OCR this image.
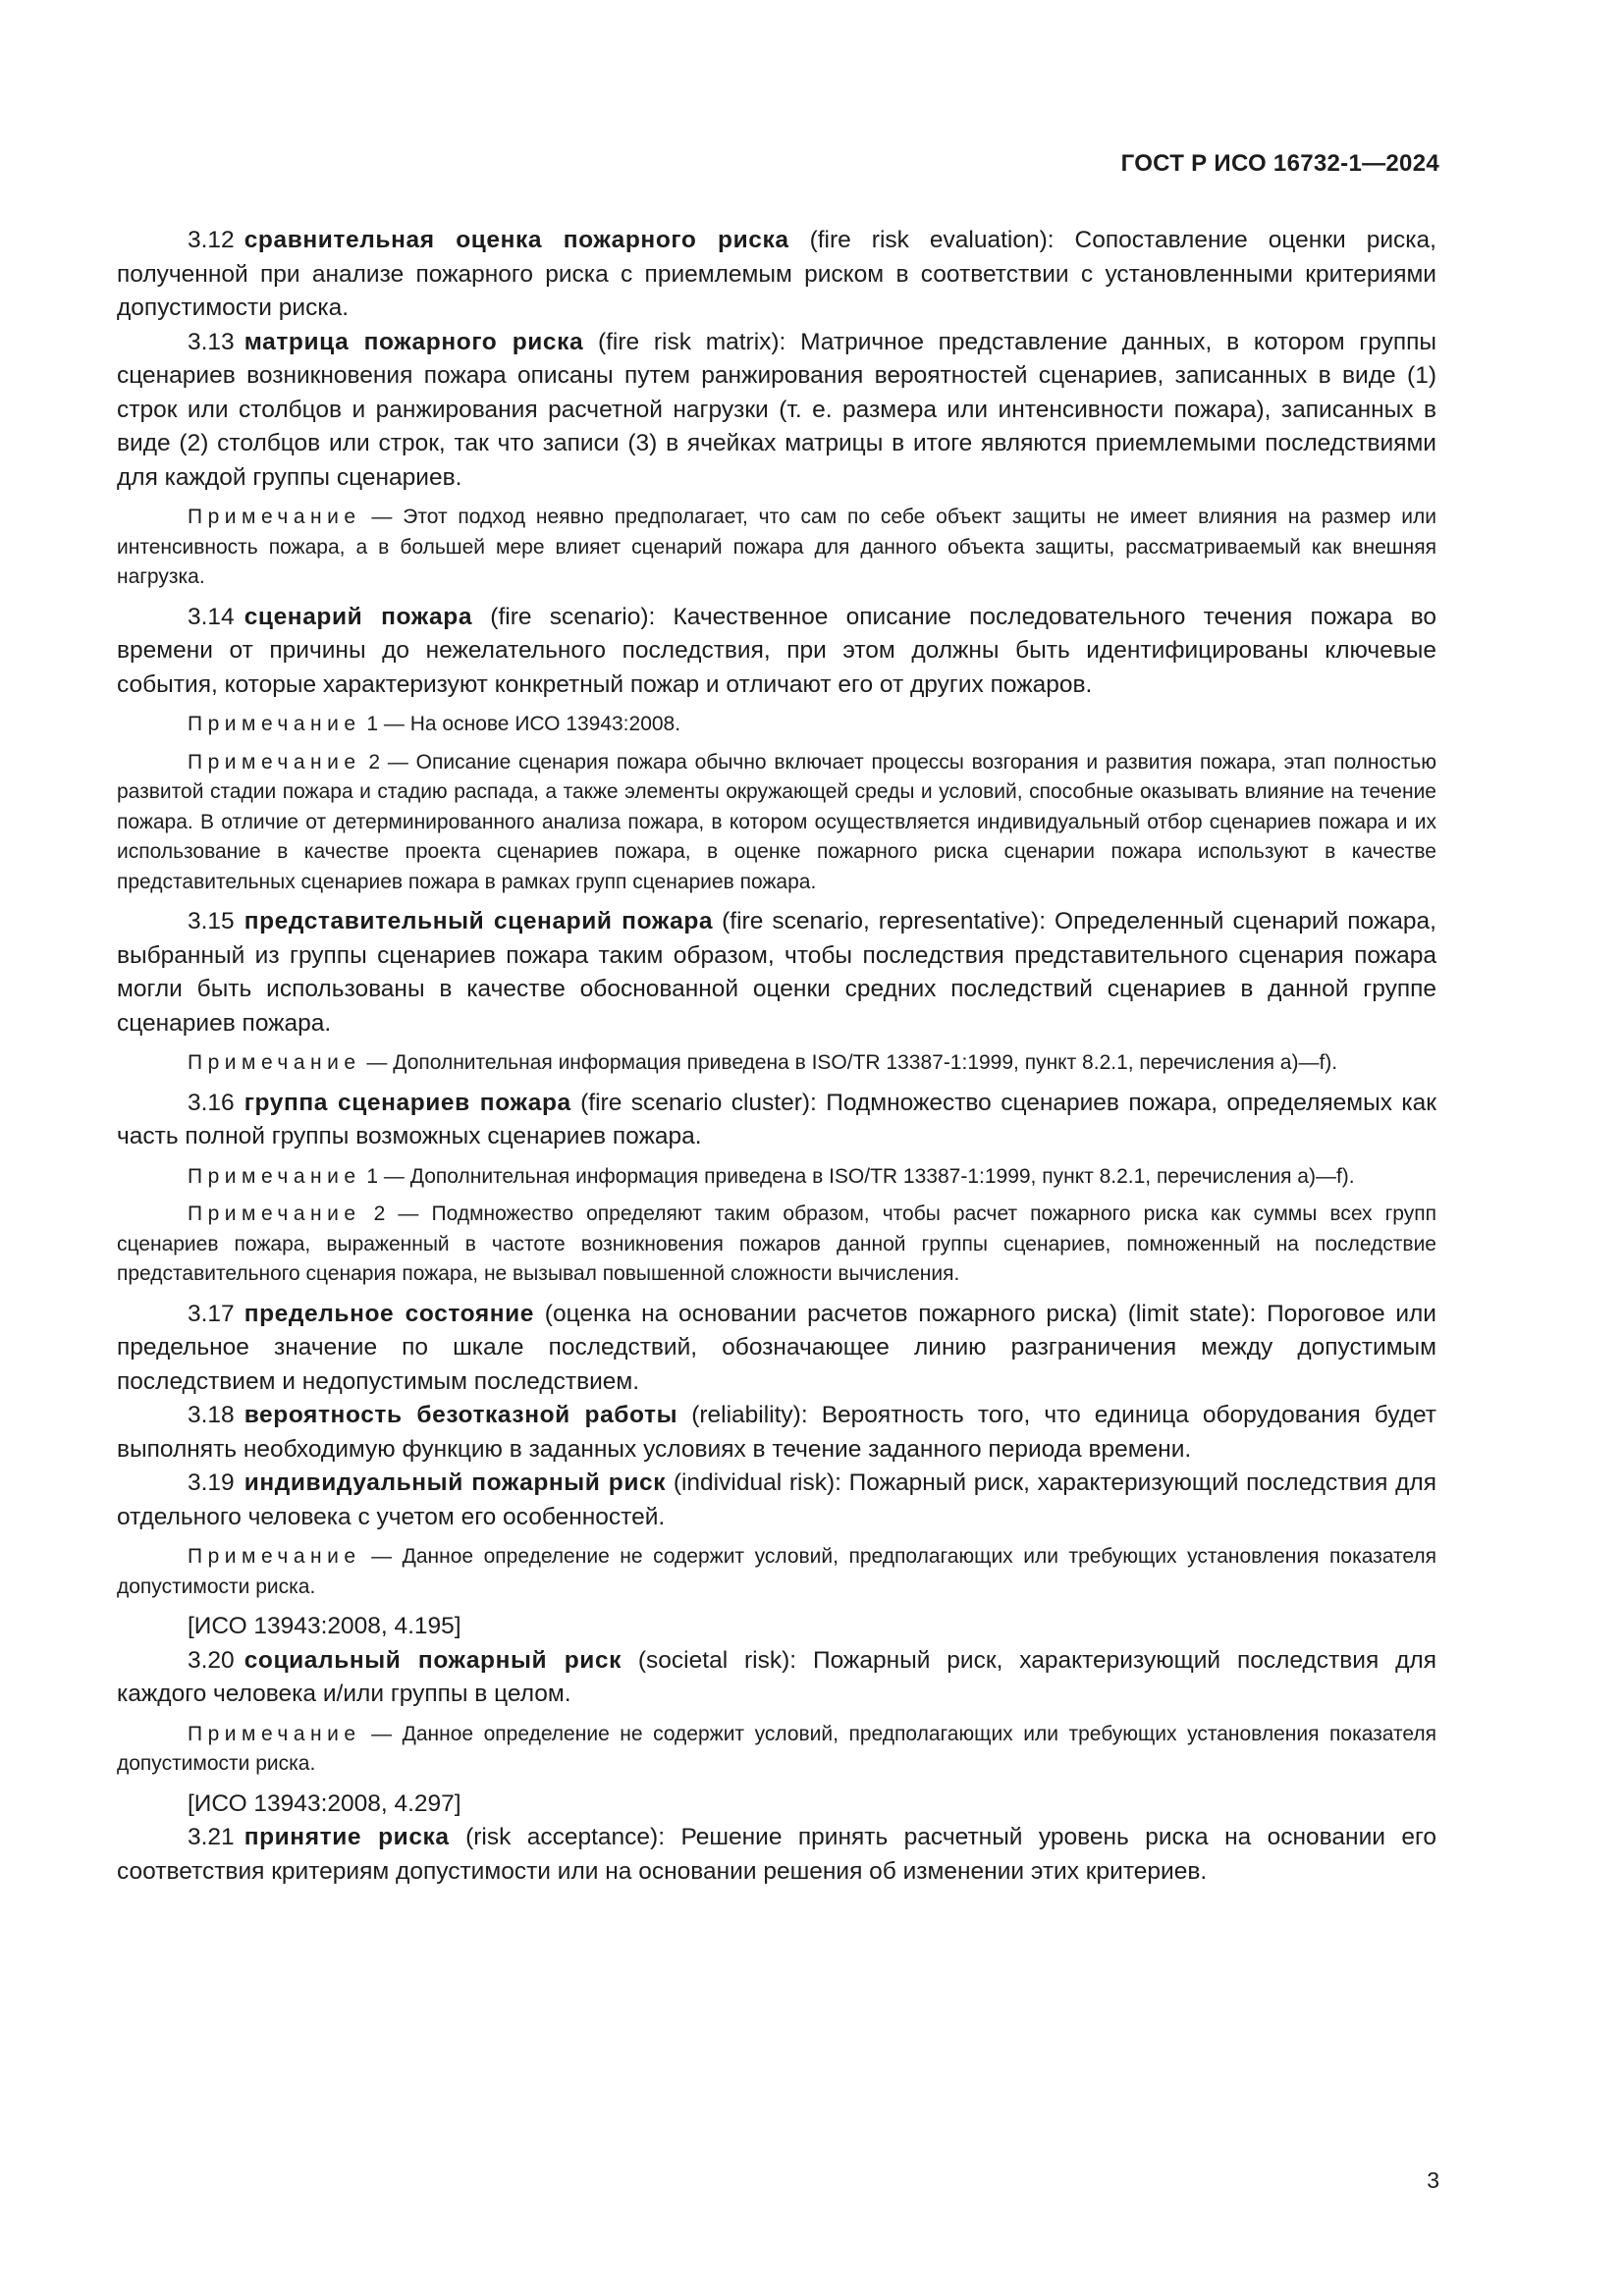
ГОСТ Р ИСО 16732-1—2024

3.12 сравнительная оценка пожарного риска (fire risk evaluation): Сопоставление оценки риска, полученной при анализе пожарного риска с приемлемым риском в соответствии с установленными критериями допустимости риска.

3.13 матрица пожарного риска (fire risk matrix): Матричное представление данных, в котором группы сценариев возникновения пожара описаны путем ранжирования вероятностей сценариев, записанных в виде (1) строк или столбцов и ранжирования расчетной нагрузки (т. е. размера или интенсивности пожара), записанных в виде (2) столбцов или строк, так что записи (3) в ячейках матрицы в итоге являются приемлемыми последствиями для каждой группы сценариев.

Примечание — Этот подход неявно предполагает, что сам по себе объект защиты не имеет влияния на размер или интенсивность пожара, а в большей мере влияет сценарий пожара для данного объекта защиты, рассматриваемый как внешняя нагрузка.

3.14 сценарий пожара (fire scenario): Качественное описание последовательного течения пожара во времени от причины до нежелательного последствия, при этом должны быть идентифицированы ключевые события, которые характеризуют конкретный пожар и отличают его от других пожаров.

Примечание 1 — На основе ИСО 13943:2008.

Примечание 2 — Описание сценария пожара обычно включает процессы возгорания и развития пожара, этап полностью развитой стадии пожара и стадию распада, а также элементы окружающей среды и условий, способные оказывать влияние на течение пожара. В отличие от детерминированного анализа пожара, в котором осуществляется индивидуальный отбор сценариев пожара и их использование в качестве проекта сценариев пожара, в оценке пожарного риска сценарии пожара используют в качестве представительных сценариев пожара в рамках групп сценариев пожара.

3.15 представительный сценарий пожара (fire scenario, representative): Определенный сценарий пожара, выбранный из группы сценариев пожара таким образом, чтобы последствия представительного сценария пожара могли быть использованы в качестве обоснованной оценки средних последствий сценариев в данной группе сценариев пожара.

Примечание — Дополнительная информация приведена в ISO/TR 13387-1:1999, пункт 8.2.1, перечисления а)—f).

3.16 группа сценариев пожара (fire scenario cluster): Подмножество сценариев пожара, определяемых как часть полной группы возможных сценариев пожара.

Примечание 1 — Дополнительная информация приведена в ISO/TR 13387-1:1999, пункт 8.2.1, перечисления а)—f).

Примечание 2 — Подмножество определяют таким образом, чтобы расчет пожарного риска как суммы всех групп сценариев пожара, выраженный в частоте возникновения пожаров данной группы сценариев, помноженный на последствие представительного сценария пожара, не вызывал повышенной сложности вычисления.

3.17 предельное состояние (оценка на основании расчетов пожарного риска) (limit state): Пороговое или предельное значение по шкале последствий, обозначающее линию разграничения между допустимым последствием и недопустимым последствием.

3.18 вероятность безотказной работы (reliability): Вероятность того, что единица оборудования будет выполнять необходимую функцию в заданных условиях в течение заданного периода времени.

3.19 индивидуальный пожарный риск (individual risk): Пожарный риск, характеризующий последствия для отдельного человека с учетом его особенностей.

Примечание — Данное определение не содержит условий, предполагающих или требующих установления показателя допустимости риска.

[ИСО 13943:2008, 4.195]

3.20 социальный пожарный риск (societal risk): Пожарный риск, характеризующий последствия для каждого человека и/или группы в целом.

Примечание — Данное определение не содержит условий, предполагающих или требующих установления показателя допустимости риска.

[ИСО 13943:2008, 4.297]

3.21 принятие риска (risk acceptance): Решение принять расчетный уровень риска на основании его соответствия критериям допустимости или на основании решения об изменении этих критериев.

3
